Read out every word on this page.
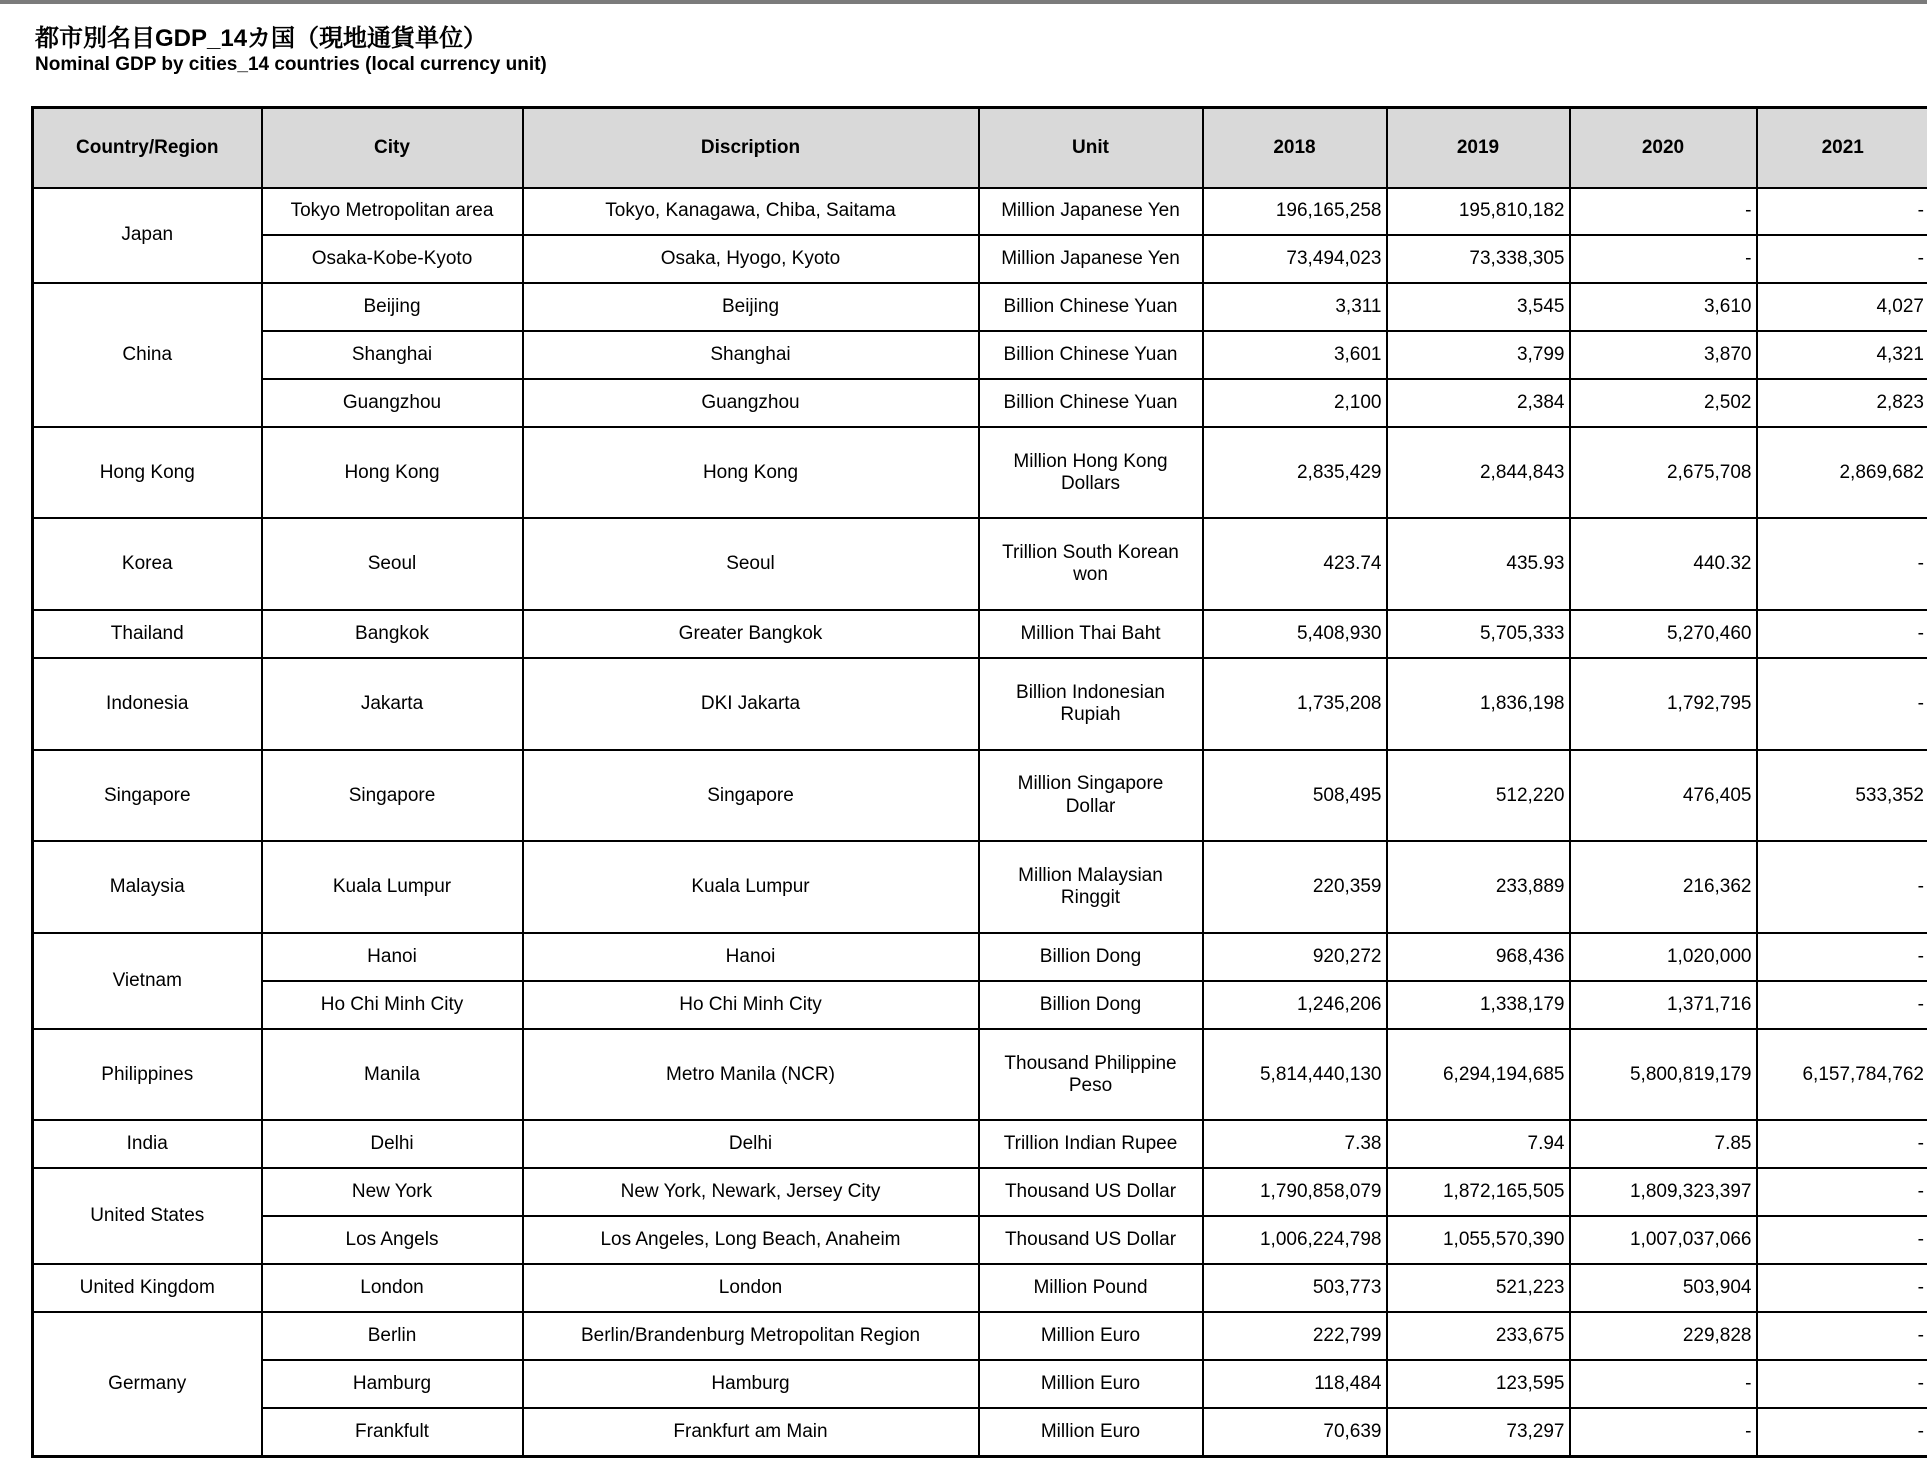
都市別名目GDP_14カ国（現地通貨単位）
Nominal GDP by cities_14 countries (local currency unit)
Country/Region	City	Discription	Unit	2018	2019	2020	2021
Japan	Tokyo Metropolitan area	Tokyo, Kanagawa, Chiba, Saitama	Million Japanese Yen	196,165,258	195,810,182	-	-
	Osaka-Kobe-Kyoto	Osaka, Hyogo, Kyoto	Million Japanese Yen	73,494,023	73,338,305	-	-
China	Beijing	Beijing	Billion Chinese Yuan	3,311	3,545	3,610	4,027
	Shanghai	Shanghai	Billion Chinese Yuan	3,601	3,799	3,870	4,321
	Guangzhou	Guangzhou	Billion Chinese Yuan	2,100	2,384	2,502	2,823
Hong Kong	Hong Kong	Hong Kong	Million Hong Kong Dollars	2,835,429	2,844,843	2,675,708	2,869,682
Korea	Seoul	Seoul	Trillion South Korean won	423.74	435.93	440.32	-
Thailand	Bangkok	Greater Bangkok	Million Thai Baht	5,408,930	5,705,333	5,270,460	-
Indonesia	Jakarta	DKI Jakarta	Billion Indonesian Rupiah	1,735,208	1,836,198	1,792,795	-
Singapore	Singapore	Singapore	Million Singapore Dollar	508,495	512,220	476,405	533,352
Malaysia	Kuala Lumpur	Kuala Lumpur	Million Malaysian Ringgit	220,359	233,889	216,362	-
Vietnam	Hanoi	Hanoi	Billion Dong	920,272	968,436	1,020,000	-
	Ho Chi Minh City	Ho Chi Minh City	Billion Dong	1,246,206	1,338,179	1,371,716	-
Philippines	Manila	Metro Manila (NCR)	Thousand Philippine Peso	5,814,440,130	6,294,194,685	5,800,819,179	6,157,784,762
India	Delhi	Delhi	Trillion Indian Rupee	7.38	7.94	7.85	-
United States	New York	New York, Newark, Jersey City	Thousand US Dollar	1,790,858,079	1,872,165,505	1,809,323,397	-
	Los Angels	Los Angeles, Long Beach, Anaheim	Thousand US Dollar	1,006,224,798	1,055,570,390	1,007,037,066	-
United Kingdom	London	London	Million Pound	503,773	521,223	503,904	-
Germany	Berlin	Berlin/Brandenburg Metropolitan Region	Million Euro	222,799	233,675	229,828	-
	Hamburg	Hamburg	Million Euro	118,484	123,595	-	-
	Frankfult	Frankfurt am Main	Million Euro	70,639	73,297	-	-
